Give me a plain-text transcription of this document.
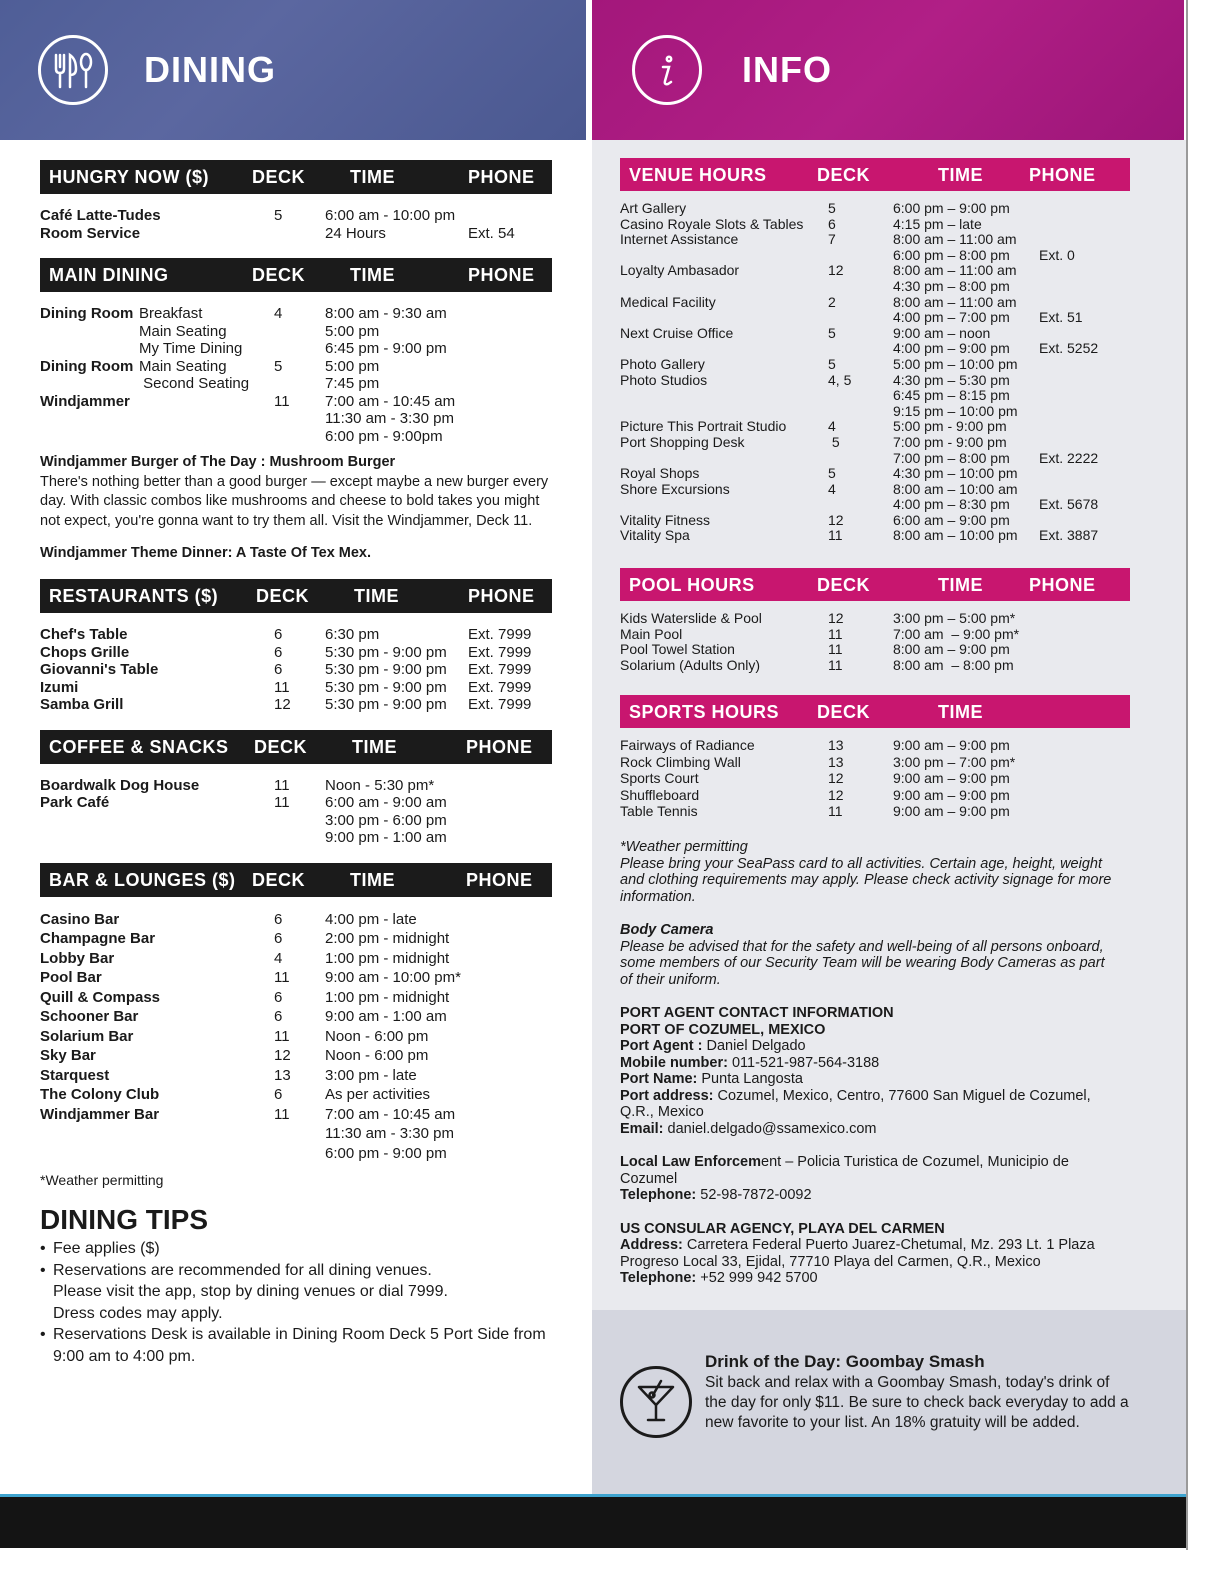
DINING	INFO
HUNGRY NOW ($) DECK TIME	PHONE
Café Latte-Tudes	5	6:00 am - 10:00 pm
Room Service	24 Hours	Ext. 54
MAIN DINING	DECK TIME	PHONE
Dining Room Breakfast	4	8:00 am - 9:30 am
Main Seating	5:00 pm
My Time Dining	6:45 pm - 9:00 pm
Dining Room Main Seating	5	5:00 pm
Second Seating	7:45 pm
Windjammer	11 7:00 am - 10:45 am
11:30 am - 3:30 pm
6:00 pm - 9:00pm
Windjammer Burger of The Day : Mushroom Burger
There's nothing better than a good burger — except maybe a new burger every day. With classic combos like mushrooms and cheese to bold takes you might not expect, you're gonna want to try them all. Visit the Windjammer, Deck 11.
Windjammer Theme Dinner: A Taste Of Tex Mex.
RESTAURANTS ($) DECK TIME	PHONE
Chef's Table	6	6:30 pm	Ext. 7999
Chops Grille	6	5:30 pm - 9:00 pm Ext. 7999
Giovanni's Table	6	5:30 pm - 9:00 pm Ext. 7999
Izumi	11 5:30 pm - 9:00 pm Ext. 7999
Samba Grill	12 5:30 pm - 9:00 pm Ext. 7999
COFFEE & SNACKS DECK TIME	PHONE
Boardwalk Dog House	11 Noon - 5:30 pm*
Park Café	11 6:00 am - 9:00 am
3:00 pm - 6:00 pm
9:00 pm - 1:00 am
BAR & LOUNGES ($) DECK TIME	PHONE
Casino Bar	6	4:00 pm - late
Champagne Bar	6	2:00 pm - midnight
Lobby Bar	4	1:00 pm - midnight
Pool Bar	11 9:00 am - 10:00 pm*
Quill & Compass	6	1:00 pm - midnight
Schooner Bar	6	9:00 am - 1:00 am
Solarium Bar	11 Noon - 6:00 pm
Sky Bar	12 Noon - 6:00 pm
Starquest	13 3:00 pm - late
The Colony Club	6	As per activities
Windjammer Bar	11 7:00 am - 10:45 am
11:30 am - 3:30 pm
6:00 pm - 9:00 pm
*Weather permitting
DINING TIPS
• Fee applies ($)
• Reservations are recommended for all dining venues. Please visit the app, stop by dining venues or dial 7999. Dress codes may apply.
• Reservations Desk is available in Dining Room Deck 5 Port Side from 9:00 am to 4:00 pm.
VENUE HOURS	DECK	TIME	PHONE
Art Gallery	5	6:00 pm – 9:00 pm
Casino Royale Slots & Tables 6	4:15 pm – late
Internet Assistance	7	8:00 am – 11:00 am
6:00 pm – 8:00 pm Ext. 0
Loyalty Ambasador	12	8:00 am – 11:00 am
4:30 pm – 8:00 pm
Medical Facility	2	8:00 am – 11:00 am
4:00 pm – 7:00 pm Ext. 51
Next Cruise Office	5	9:00 am – noon
4:00 pm – 9:00 pm Ext. 5252
Photo Gallery	5	5:00 pm – 10:00 pm
Photo Studios	4, 5	4:30 pm – 5:30 pm
6:45 pm – 8:15 pm
9:15 pm – 10:00 pm
Picture This Portrait Studio	4	5:00 pm - 9:00 pm
Port Shopping Desk	5	7:00 pm - 9:00 pm
7:00 pm – 8:00 pm Ext. 2222
Royal Shops	5	4:30 pm – 10:00 pm
Shore Excursions	4	8:00 am – 10:00 am
4:00 pm – 8:30 pm Ext. 5678
Vitality Fitness	12	6:00 am – 9:00 pm
Vitality Spa	11	8:00 am – 10:00 pm Ext. 3887
POOL HOURS	DECK	TIME	PHONE
Kids Waterslide & Pool	12	3:00 pm – 5:00 pm*
Main Pool	11	7:00 am  – 9:00 pm*
Pool Towel Station	11	8:00 am – 9:00 pm
Solarium (Adults Only)	11	8:00 am  – 8:00 pm
SPORTS HOURS DECK	TIME
Fairways of Radiance	13	9:00 am – 9:00 pm
Rock Climbing Wall	13	3:00 pm – 7:00 pm*
Sports Court	12	9:00 am – 9:00 pm
Shuffleboard	12	9:00 am – 9:00 pm
Table Tennis	11	9:00 am – 9:00 pm
*Weather permitting
Please bring your SeaPass card to all activities. Certain age, height, weight and clothing requirements may apply. Please check activity signage for more information.
Body Camera
Please be advised that for the safety and well-being of all persons onboard, some members of our Security Team will be wearing Body Cameras as part of their uniform.
PORT AGENT CONTACT INFORMATION
PORT OF COZUMEL, MEXICO
Port Agent : Daniel Delgado
Mobile number: 011-521-987-564-3188
Port Name: Punta Langosta
Port address: Cozumel, Mexico, Centro, 77600 San Miguel de Cozumel, Q.R., Mexico
Email: daniel.delgado@ssamexico.com
Local Law Enforcement – Policia Turistica de Cozumel, Municipio de Cozumel
Telephone: 52-98-7872-0092
US CONSULAR AGENCY, PLAYA DEL CARMEN
Address: Carretera Federal Puerto Juarez-Chetumal, Mz. 293 Lt. 1 Plaza Progreso Local 33, Ejidal, 77710 Playa del Carmen, Q.R., Mexico
Telephone: +52 999 942 5700
Drink of the Day: Goombay Smash
Sit back and relax with a Goombay Smash, today's drink of the day for only $11. Be sure to check back everyday to add a new favorite to your list. An 18% gratuity will be added.
